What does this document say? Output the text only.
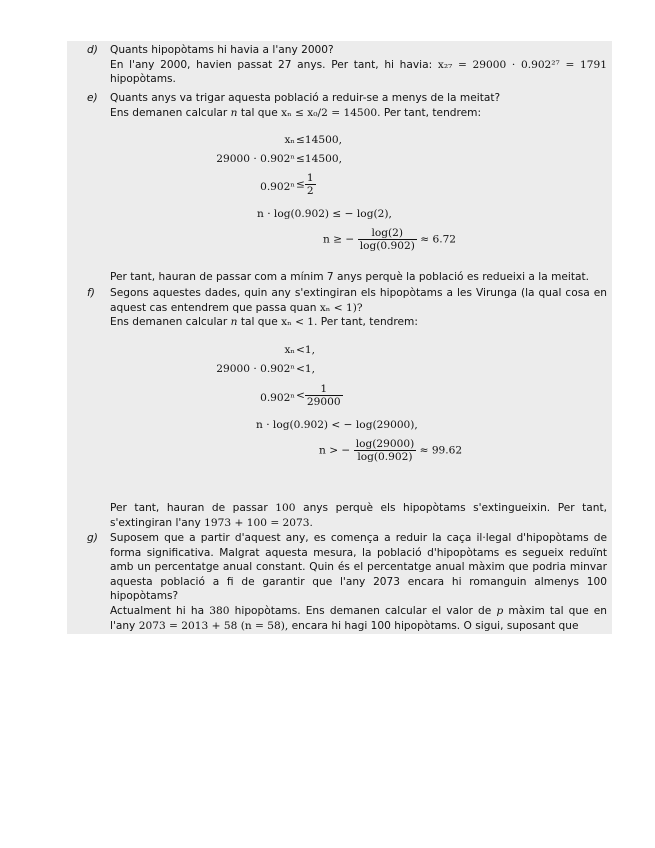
d) Quants hipopòtams hi havia a l'any 2000?

En l'any 2000, havien passat 27 anys. Per tant, hi havia: x₂₇ = 29000 · 0.902²⁷ = 1791

hipopòtams.

e) Quants anys va trigar aquesta població a reduir-se a menys de la meitat?

Ens demanen calcular n tal que xₙ ≤ x₀/2 = 14500. Per tant, tendrem:

xₙ ≤14500,
29000 · 0.902ⁿ ≤14500,
$0.902^n \le \frac{1}{2}$
n · log(0.902) ≤ − log(2),
n ≥ − $\frac{\log(2)}{\log(0.902)} \approx 6.72$

Per tant, hauran de passar com a mínim 7 anys perquè la població es redueixi a la meitat.

f) Segons aquestes dades, quin any s'extingiran els hipopòtams a les Virunga (la qual cosa en aquest cas entendrem que passa quan xₙ < 1)?

Ens demanen calcular n tal que xₙ < 1. Per tant, tendrem:

xₙ <1,
29000 · 0.902ⁿ <1,
$0.902^n < \frac{1}{29000}$
n · log(0.902) < − log(29000),
n > − $\frac{\log(29000)}{\log(0.902)} \approx 99.62$

Per tant, hauran de passar 100 anys perquè els hipopòtams s'extingueixin. Per tant, s'extingiran l'any 1973 + 100 = 2073.

g) Suposem que a partir d'aquest any, es comença a reduir la caça il·legal d'hipopòtams de forma significativa. Malgrat aquesta mesura, la població d'hipopòtams es segueix reduïnt amb un percentatge anual constant. Quin és el percentatge anual màxim que podria minvar aquesta població a fi de garantir que l'any 2073 encara hi romanguin almenys 100 hipopòtams?

Actualment hi ha 380 hipopòtams. Ens demanen calcular el valor de p màxim tal que en l'any 2073 = 2013 + 58 (n = 58), encara hi hagi 100 hipopòtams. O sigui, suposant que
